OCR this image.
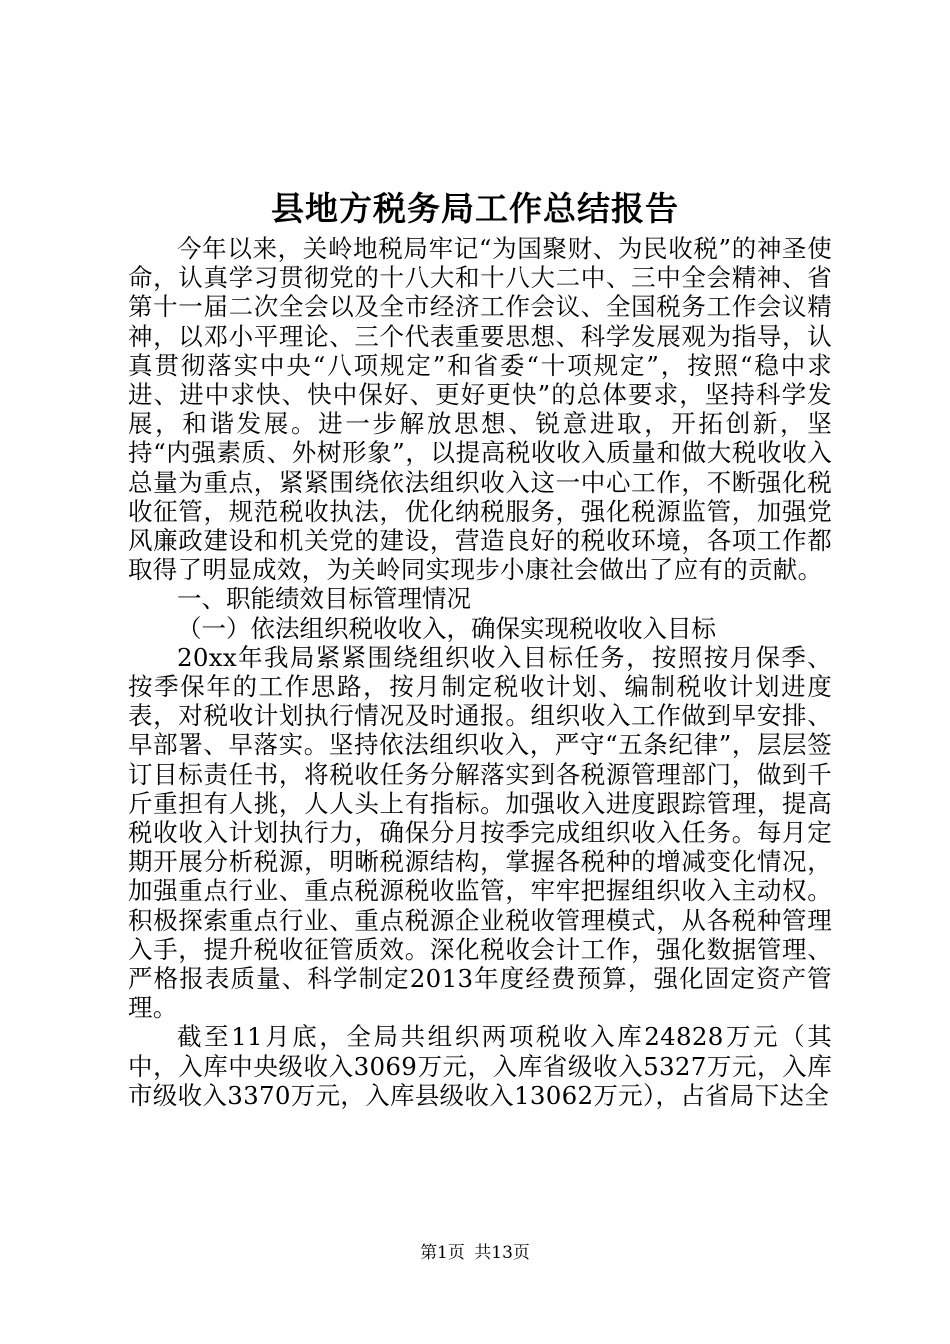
县地方税务局工作总结报告

今年以来，关岭地税局牢记“为国聚财、为民收税”的神圣使命，认真学习贯彻党的十八大和十八大二中、三中全会精神、省第十一届二次全会以及全市经济工作会议、全国税务工作会议精神，以邓小平理论、三个代表重要思想、科学发展观为指导，认真贯彻落实中央“八项规定”和省委“十项规定”，按照“稳中求进、进中求快、快中保好、更好更快”的总体要求，坚持科学发展，和谐发展。进一步解放思想、锐意进取，开拓创新，坚持“内强素质、外树形象”，以提高税收收入质量和做大税收收入总量为重点，紧紧围绕依法组织收入这一中心工作，不断强化税收征管，规范税收执法，优化纳税服务，强化税源监管，加强党风廉政建设和机关党的建设，营造良好的税收环境，各项工作都取得了明显成效，为关岭同实现步小康社会做出了应有的贡献。

一、职能绩效目标管理情况

（一）依法组织税收收入，确保实现税收收入目标

20xx年我局紧紧围绕组织收入目标任务，按照按月保季、按季保年的工作思路，按月制定税收计划、编制税收计划进度表，对税收计划执行情况及时通报。组织收入工作做到早安排、早部署、早落实。坚持依法组织收入，严守“五条纪律”，层层签订目标责任书，将税收任务分解落实到各税源管理部门，做到千斤重担有人挑，人人头上有指标。加强收入进度跟踪管理，提高税收收入计划执行力，确保分月按季完成组织收入任务。每月定期开展分析税源，明晰税源结构，掌握各税种的增减变化情况，加强重点行业、重点税源税收监管，牢牢把握组织收入主动权。积极探索重点行业、重点税源企业税收管理模式，从各税种管理入手，提升税收征管质效。深化税收会计工作，强化数据管理、严格报表质量、科学制定2013年度经费预算，强化固定资产管理。

截至11月底，全局共组织两项税收入库24828万元（其中，入库中央级收入3069万元，入库省级收入5327万元，入库市级收入3370万元，入库县级收入13062万元），占省局下达全

第1页 共13页
